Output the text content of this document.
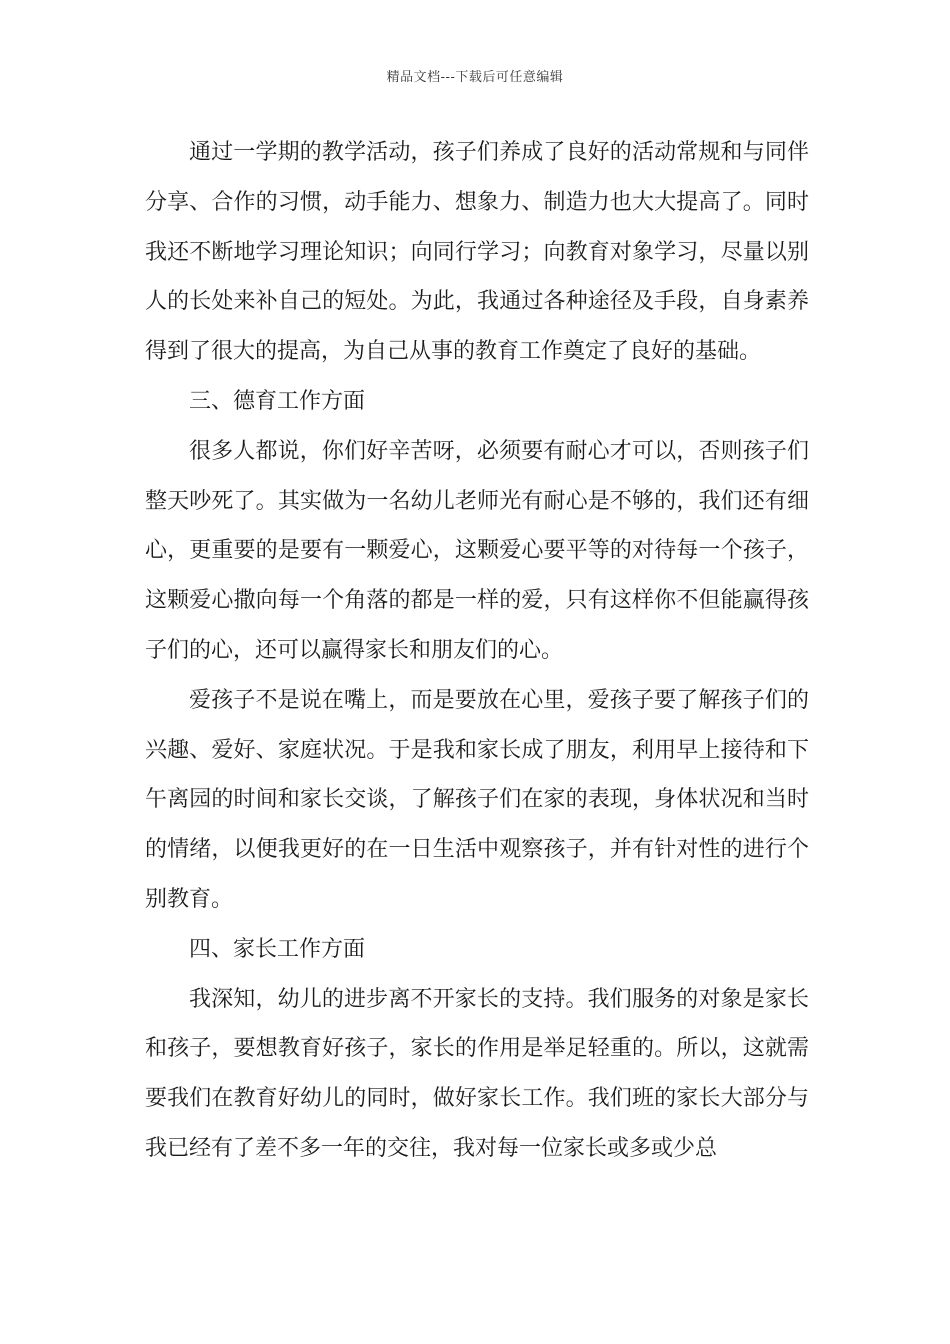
精品文档---下载后可任意编辑

通过一学期的教学活动，孩子们养成了良好的活动常规和与同伴分享、合作的习惯，动手能力、想象力、制造力也大大提高了。同时我还不断地学习理论知识；向同行学习；向教育对象学习，尽量以别人的长处来补自己的短处。为此，我通过各种途径及手段，自身素养得到了很大的提高，为自己从事的教育工作奠定了良好的基础。

三、德育工作方面

很多人都说，你们好辛苦呀，必须要有耐心才可以，否则孩子们整天吵死了。其实做为一名幼儿老师光有耐心是不够的，我们还有细心，更重要的是要有一颗爱心，这颗爱心要平等的对待每一个孩子，这颗爱心撒向每一个角落的都是一样的爱，只有这样你不但能赢得孩子们的心，还可以赢得家长和朋友们的心。

爱孩子不是说在嘴上，而是要放在心里，爱孩子要了解孩子们的兴趣、爱好、家庭状况。于是我和家长成了朋友，利用早上接待和下午离园的时间和家长交谈，了解孩子们在家的表现，身体状况和当时的情绪，以便我更好的在一日生活中观察孩子，并有针对性的进行个别教育。

四、家长工作方面

我深知，幼儿的进步离不开家长的支持。我们服务的对象是家长和孩子，要想教育好孩子，家长的作用是举足轻重的。所以，这就需要我们在教育好幼儿的同时，做好家长工作。我们班的家长大部分与我已经有了差不多一年的交往，我对每一位家长或多或少总
